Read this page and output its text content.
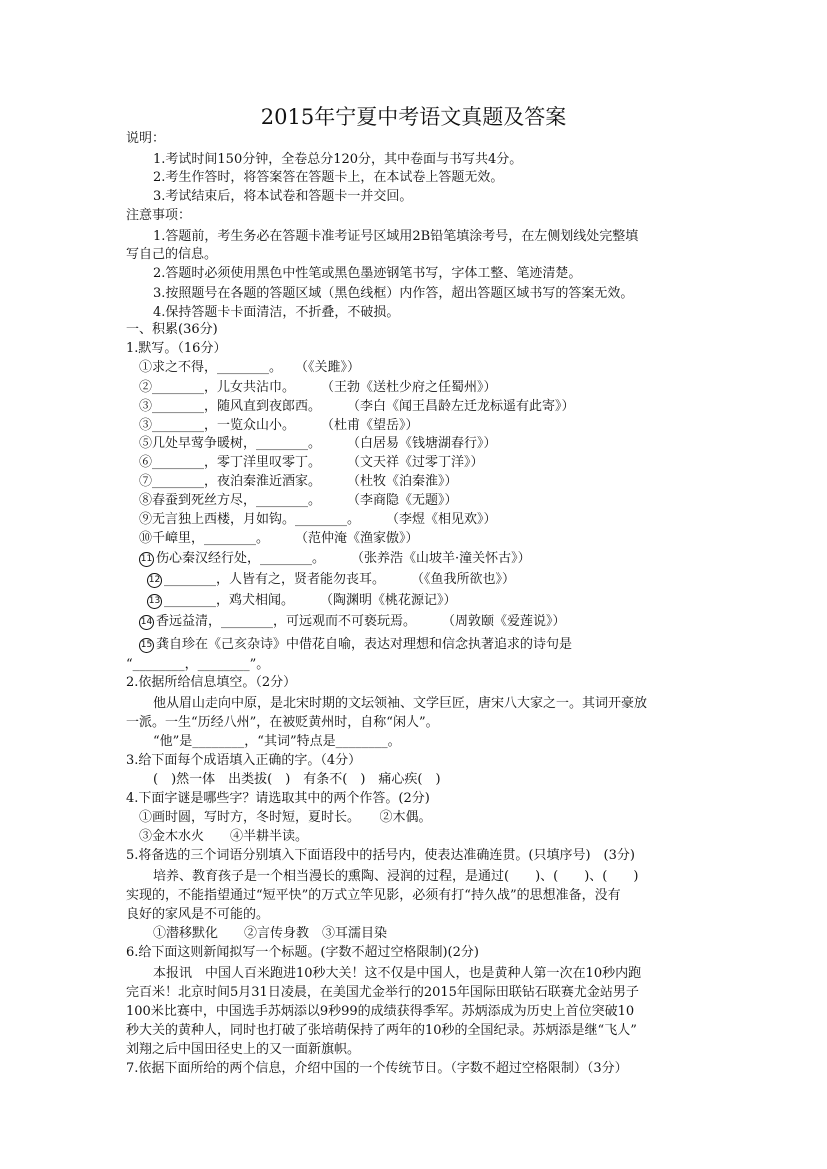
2015年宁夏中考语文真题及答案
说明：
1.考试时间150分钟，全卷总分120分，其中卷面与书写共4分。
2.考生作答时，将答案答在答题卡上，在本试卷上答题无效。
3.考试结束后，将本试卷和答题卡一并交回。
注意事项：
1.答题前，考生务必在答题卡准考证号区域用2B铅笔填涂考号，在左侧划线处完整填
写自己的信息。
2.答题时必须使用黑色中性笔或黑色墨迹钢笔书写，字体工整、笔迹清楚。
3.按照题号在各题的答题区域（黑色线框）内作答，超出答题区域书写的答案无效。
4.保持答题卡卡面清洁，不折叠，不破损。
一、积累(36分)
1.默写。（16分）
①求之不得，________。　　（《关雎》）
②________，儿女共沾巾。　　　（王勃《送杜少府之任蜀州》）
③________，随风直到夜郎西。　　　（李白《闻王昌龄左迁龙标遥有此寄》）
③________，一览众山小。　　　（杜甫《望岳》）
⑤几处早莺争暖树，________。　　　（白居易《钱塘湖春行》）
⑥________，零丁洋里叹零丁。　　　（文天祥《过零丁洋》）
⑦________，夜泊秦淮近酒家。　　　（杜牧《泊秦淮》）
⑧春蚕到死丝方尽，________。　　　（李商隐《无题》）
⑨无言独上西楼，月如钩。________。　　　（李煜《相见欢》）
⑩千嶂里，________。　　　（范仲淹《渔家傲》）
11 伤心秦汉经行处，________。　　　（张养浩《山坡羊·潼关怀古》）
12 ________，人皆有之，贤者能勿丧耳。　　　（《鱼我所欲也》）
13 ________，鸡犬相闻。　　　（陶渊明《桃花源记》）
14 香远益清，________，可远观而不可亵玩焉。　　　（周敦颐《爱莲说》）
15 龚自珍在《己亥杂诗》中借花自喻，表达对理想和信念执著追求的诗句是
“________，________”。
2.依据所给信息填空。（2分）
他从眉山走向中原，是北宋时期的文坛领袖、文学巨匠，唐宋八大家之一。其词开豪放
一派。一生“历经八州”，在被贬黄州时，自称“闲人”。
“他”是________，“其词”特点是________。
3.给下面每个成语填入正确的字。（4分）
(　)然一体　出类拔(　)　有条不(　)　痛心疾(　)
4.下面字谜是哪些字？请选取其中的两个作答。(2分)
①画时圆，写时方，冬时短，夏时长。　　②木偶。
③金木水火　　④半耕半读。
5.将备选的三个词语分别填入下面语段中的括号内，使表达准确连贯。(只填序号)　(3分)
培养、教育孩子是一个相当漫长的熏陶、浸润的过程，是通过(　　)、(　　)、(　　)
实现的，不能指望通过“短平快”的万式立竿见影，必须有打“持久战”的思想准备，没有
良好的家风是不可能的。
①潜移默化　　②言传身教　③耳濡目染
6.给下面这则新闻拟写一个标题。(字数不超过空格限制)(2分)
本报讯　中国人百米跑进10秒大关！这不仅是中国人，也是黄种人第一次在10秒内跑
完百米！北京时间5月31日凌晨，在美国尤金举行的2015年国际田联钻石联赛尤金站男子
100米比赛中，中国选手苏炳添以9秒99的成绩获得季军。苏炳添成为历史上首位突破10
秒大关的黄种人，同时也打破了张培萌保持了两年的10秒的全国纪录。苏炳添是继“飞人”
刘翔之后中国田径史上的又一面新旗帜。
7.依据下面所给的两个信息，介绍中国的一个传统节日。（字数不超过空格限制）（3分）
